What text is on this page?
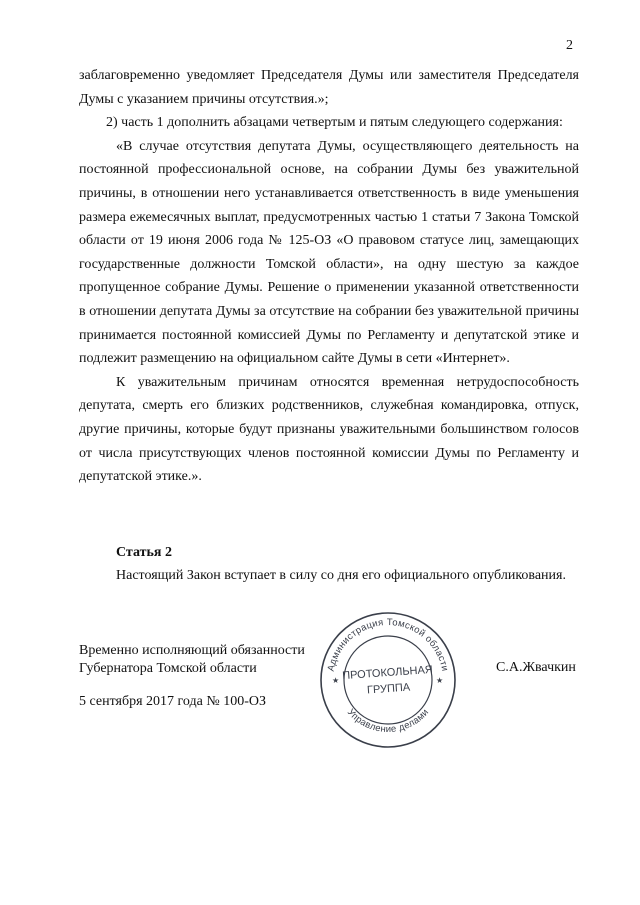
2

заблаговременно уведомляет Председателя Думы или заместителя Председателя Думы с указанием причины отсутствия.»;

2) часть 1 дополнить абзацами четвертым и пятым следующего содержания:

«В случае отсутствия депутата Думы, осуществляющего деятельность на постоянной профессиональной основе, на собрании Думы без уважительной причины, в отношении него устанавливается ответственность в виде уменьшения размера ежемесячных выплат, предусмотренных частью 1 статьи 7 Закона Томской области от 19 июня 2006 года № 125-ОЗ «О правовом статусе лиц, замещающих государственные должности Томской области», на одну шестую за каждое пропущенное собрание Думы. Решение о применении указанной ответственности в отношении депутата Думы за отсутствие на собрании без уважительной причины принимается постоянной комиссией Думы по Регламенту и депутатской этике и подлежит размещению на официальном сайте Думы в сети «Интернет».

К уважительным причинам относятся временная нетрудоспособность депутата, смерть его близких родственников, служебная командировка, отпуск, другие причины, которые будут признаны уважительными большинством голосов от числа присутствующих членов постоянной комиссии Думы по Регламенту и депутатской этике.».

Статья 2
Настоящий Закон вступает в силу со дня его официального опубликования.
Временно исполняющий обязанности
Губернатора Томской области	С.А.Жвачкин
5 сентября 2017 года № 100-ОЗ
Администрация Томской области
Управление делами
ПРОТОКОЛЬНАЯ
ГРУППА
★	★
